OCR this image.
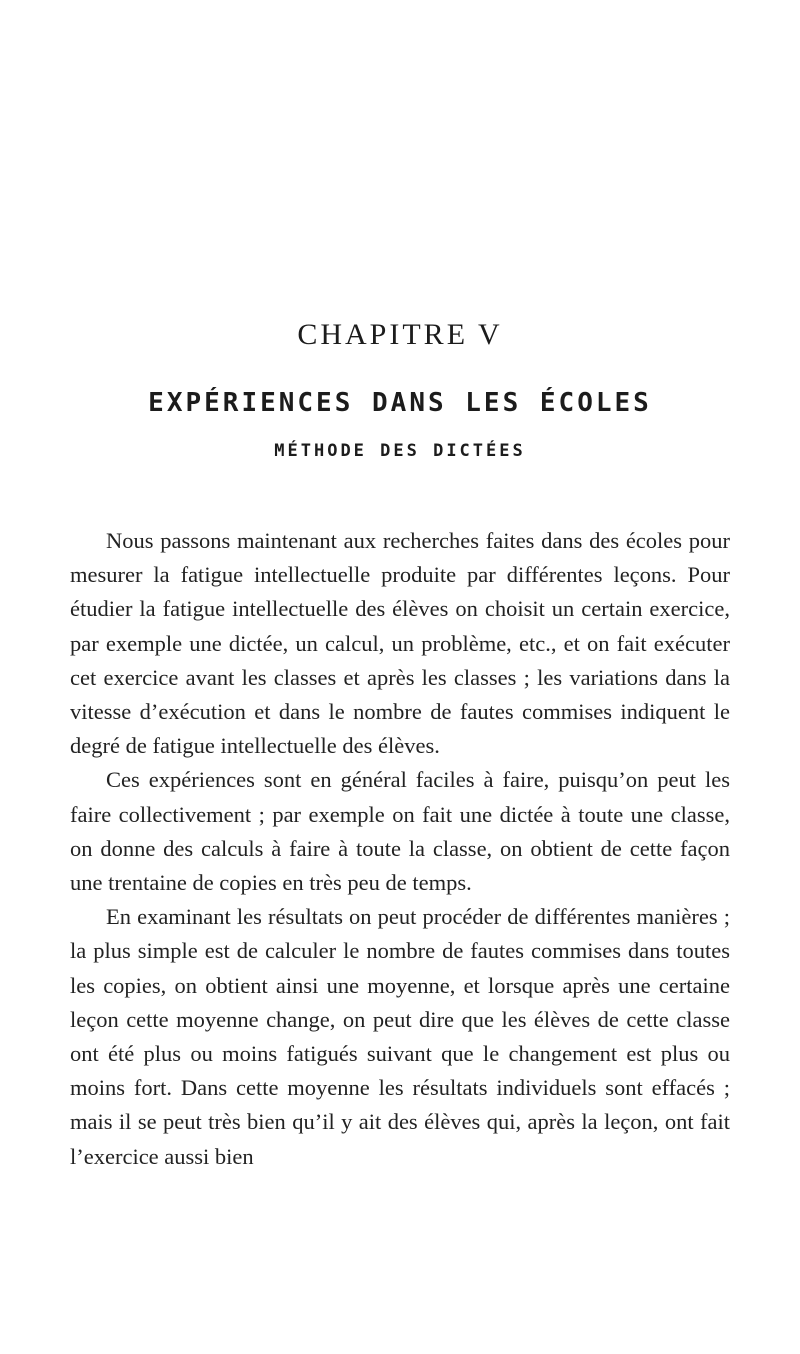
CHAPITRE V
EXPÉRIENCES DANS LES ÉCOLES
MÉTHODE DES DICTÉES

Nous passons maintenant aux recherches faites dans des écoles pour mesurer la fatigue intellectuelle produite par différentes leçons. Pour étudier la fatigue intellectuelle des élèves on choisit un certain exercice, par exemple une dictée, un calcul, un problème, etc., et on fait exécuter cet exercice avant les classes et après les classes ; les variations dans la vitesse d’exécution et dans le nombre de fautes commises indiquent le degré de fatigue intellectuelle des élèves.

Ces expériences sont en général faciles à faire, puisqu’on peut les faire collectivement ; par exemple on fait une dictée à toute une classe, on donne des calculs à faire à toute la classe, on obtient de cette façon une trentaine de copies en très peu de temps.

En examinant les résultats on peut procéder de différentes manières ; la plus simple est de calculer le nombre de fautes commises dans toutes les copies, on obtient ainsi une moyenne, et lorsque après une certaine leçon cette moyenne change, on peut dire que les élèves de cette classe ont été plus ou moins fatigués suivant que le changement est plus ou moins fort. Dans cette moyenne les résultats individuels sont effacés ; mais il se peut très bien qu’il y ait des élèves qui, après la leçon, ont fait l’exercice aussi bien
